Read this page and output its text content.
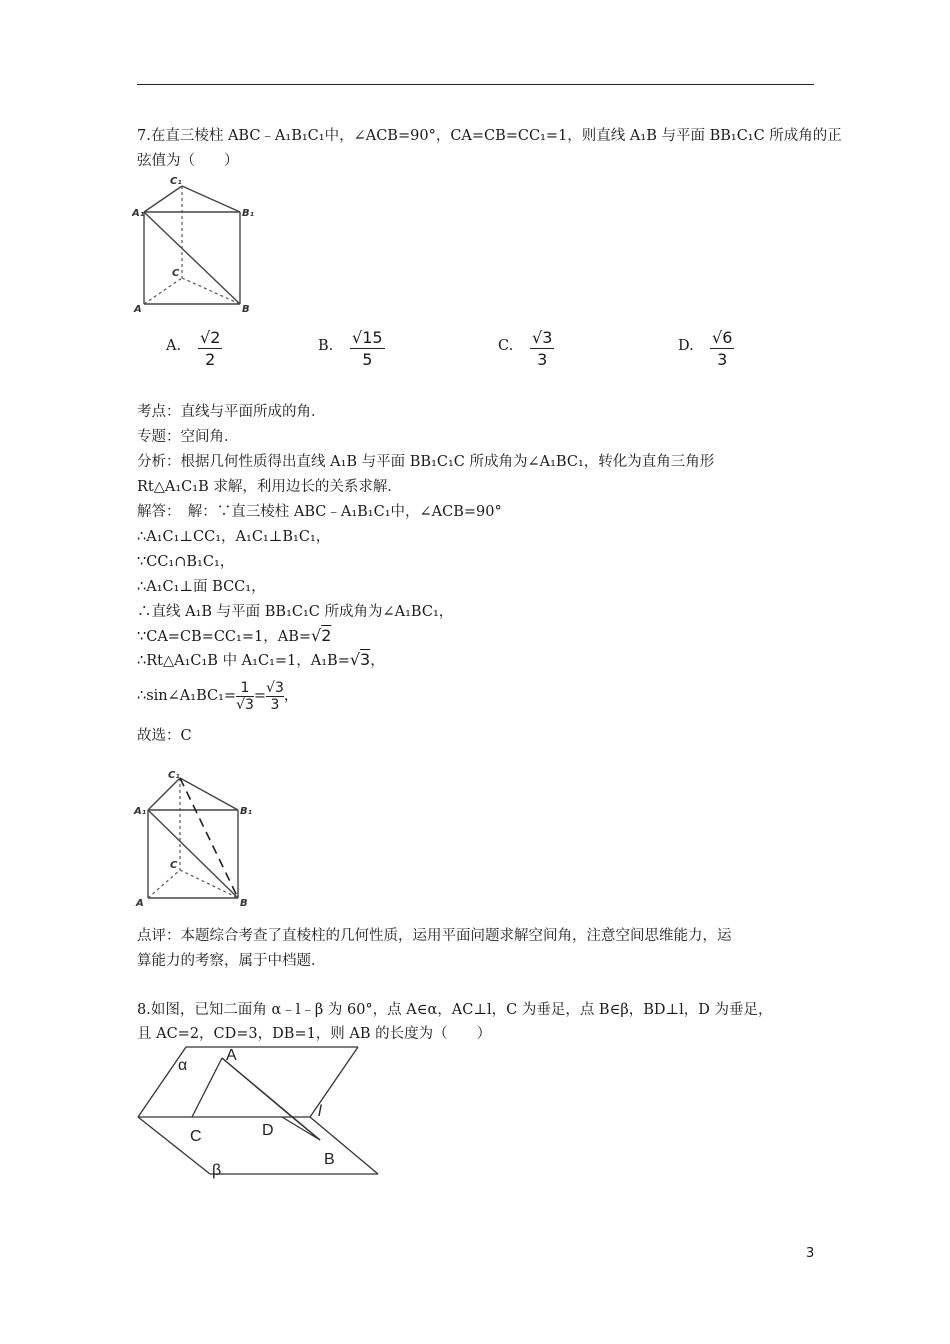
7.在直三棱柱 ABC﹣A₁B₁C₁中，∠ACB=90°，CA=CB=CC₁=1，则直线 A₁B 与平面 BB₁C₁C 所成角的正
弦值为（　　）
C₁
A₁	B₁
C
A	B
A. √2
2
B. √15
5
C. √3
3
D. √6
3
考点：直线与平面所成的角．
专题：空间角．
分析：根据几何性质得出直线 A₁B 与平面 BB₁C₁C 所成角为∠A₁BC₁，转化为直角三角形
Rt△A₁C₁B 求解，利用边长的关系求解．
解答：　解：∵直三棱柱 ABC﹣A₁B₁C₁中，∠ACB=90°
∴A₁C₁⊥CC₁，A₁C₁⊥B₁C₁，
∵CC₁∩B₁C₁，
∴A₁C₁⊥面 BCC₁，
∴直线 A₁B 与平面 BB₁C₁C 所成角为∠A₁BC₁，
∵CA=CB=CC₁=1，AB=√2
∴Rt△A₁C₁B 中 A₁C₁=1，A₁B=√3，
$\therefore\sin\angle A_1BC_1=\frac{1}{√3}=\frac{√3}{3}$，
故选：C
C₁
A₁	B₁
C
A	B
点评：本题综合考查了直棱柱的几何性质，运用平面问题求解空间角，注意空间思维能力，运
算能力的考察，属于中档题．
8.如图，已知二面角 α﹣l﹣β 为 60°，点 A∈α，AC⊥l，C 为垂足，点 B∈β，BD⊥l，D 为垂足，
且 AC=2，CD=3，DB=1，则 AB 的长度为（　　）
α
A
l
C	D
B
β
3
